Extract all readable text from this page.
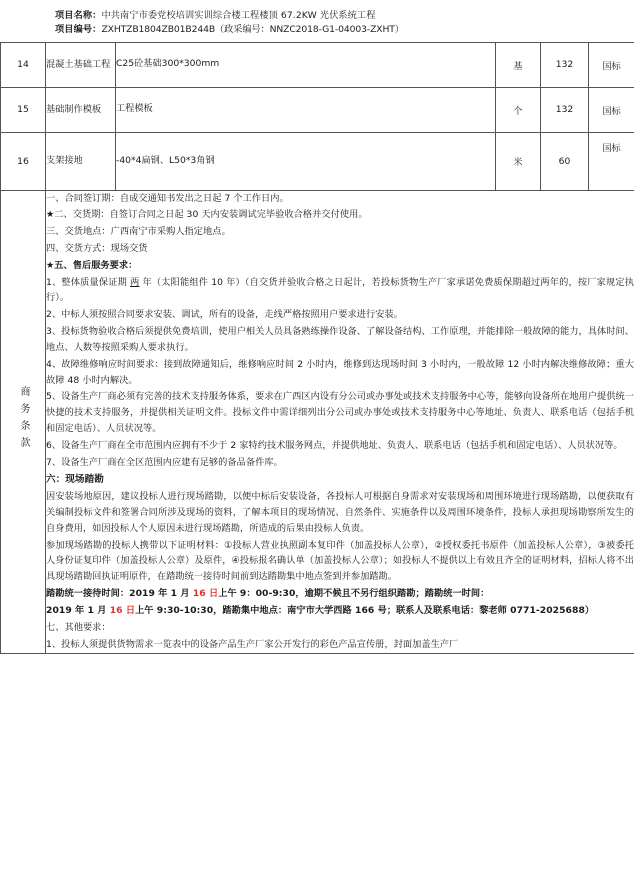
项目名称：中共南宁市委党校培训实训综合楼工程楼顶 67.2KW 光伏系统工程
项目编号：ZXHTZB1804ZB01B244B（政采编号：NNZC2018-G1-04003-ZXHT）
14	混凝土基础工程	C25砼基础300*300mm	基	132	国标
15	基础制作模板	工程模板	个	132	国标
16	支架接地	-40*4扁钢、L50*3角钢	米	60	国标
商务条款	

一、合同签订期：自成交通知书发出之日起 7 个工作日内。

★二、交货期：自签订合同之日起 30 天内安装调试完毕验收合格并交付使用。

三、交货地点：广西南宁市采购人指定地点。

四、交货方式：现场交货

★五、售后服务要求：

1、整体质量保证期 两 年（太阳能组件 10 年）（自交货并验收合格之日起计，若投标货物生产厂家承诺免费质保期超过两年的，按厂家规定执行）。

2、中标人须按照合同要求安装、调试，所有的设备，走线严格按照用户要求进行安装。

3、投标货物验收合格后须提供免费培训，使用户相关人员具备熟练操作设备、了解设备结构、工作原理，并能排除一般故障的能力，具体时间、地点、人数等按照采购人要求执行。

4、故障维修响应时间要求：接到故障通知后，维修响应时间 2 小时内，维修到达现场时间 3 小时内，一般故障 12 小时内解决维修故障；重大故障 48 小时内解决。

5、设备生产厂商必须有完善的技术支持服务体系，要求在广西区内设有分公司或办事处或技术支持服务中心等，能够向设备所在地用户提供统一快捷的技术支持服务，并提供相关证明文件。投标文件中需详细列出分公司或办事处或技术支持服务中心等地址、负责人、联系电话（包括手机和固定电话）、人员状况等。

6、设备生产厂商在全市范围内应拥有不少于 2 家特约技术服务网点，并提供地址、负责人、联系电话（包括手机和固定电话）、人员状况等。

7、设备生产厂商在全区范围内应建有足够的备品备件库。

六：现场踏勘

因安装场地原因，建议投标人进行现场踏勘，以便中标后安装设备，各投标人可根据自身需求对安装现场和周围环境进行现场踏勘，以便获取有关编制投标文件和签署合同所涉及现场的资料，了解本项目的现场情况、自然条件、实施条件以及周围环境条件，投标人承担现场勘察所发生的自身费用，如因投标人个人原因未进行现场踏勘，所造成的后果由投标人负责。

参加现场踏勘的投标人携带以下证明材料：①投标人营业执照副本复印件（加盖投标人公章），②授权委托书原件（加盖投标人公章），③被委托人身份证复印件（加盖投标人公章）及原件，④投标报名确认单（加盖投标人公章）；如投标人不提供以上有效且齐全的证明材料，招标人将不出具现场踏勘回执证明原件，在踏勘统一接待时间前到达踏勘集中地点签到并参加踏勘。

踏勘统一接待时间：2019 年 1 月 16 日上午 9：00-9:30，逾期不候且不另行组织踏勘；踏勘统一时间：

2019 年 1 月 16 日上午 9:30-10:30，踏勘集中地点：南宁市大学西路 166 号；联系人及联系电话：黎老师 0771-2025688）

七、其他要求：

1、投标人须提供货物需求一览表中的设备产品生产厂家公开发行的彩色产品宣传册，封面加盖生产厂
